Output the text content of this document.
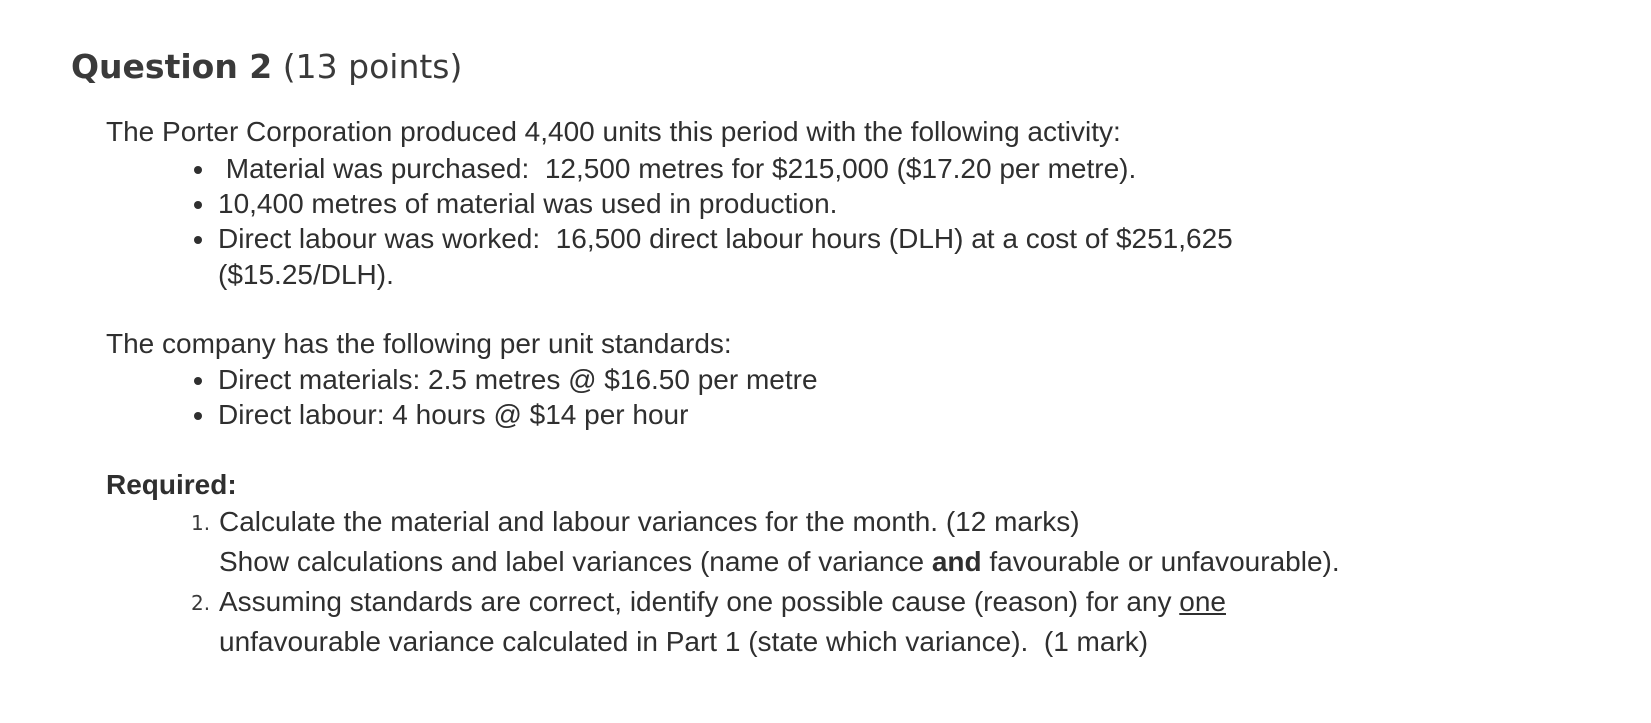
Question 2 (13 points)
The Porter Corporation produced 4,400 units this period with the following activity:
Material was purchased:  12,500 metres for $215,000 ($17.20 per metre).
10,400 metres of material was used in production.
Direct labour was worked:  16,500 direct labour hours (DLH) at a cost of $251,625
($15.25/DLH).
The company has the following per unit standards:
Direct materials: 2.5 metres @ $16.50 per metre
Direct labour: 4 hours @ $14 per hour
Required:
1. Calculate the material and labour variances for the month. (12 marks)
Show calculations and label variances (name of variance and favourable or unfavourable).
2. Assuming standards are correct, identify one possible cause (reason) for any one
unfavourable variance calculated in Part 1 (state which variance).  (1 mark)
